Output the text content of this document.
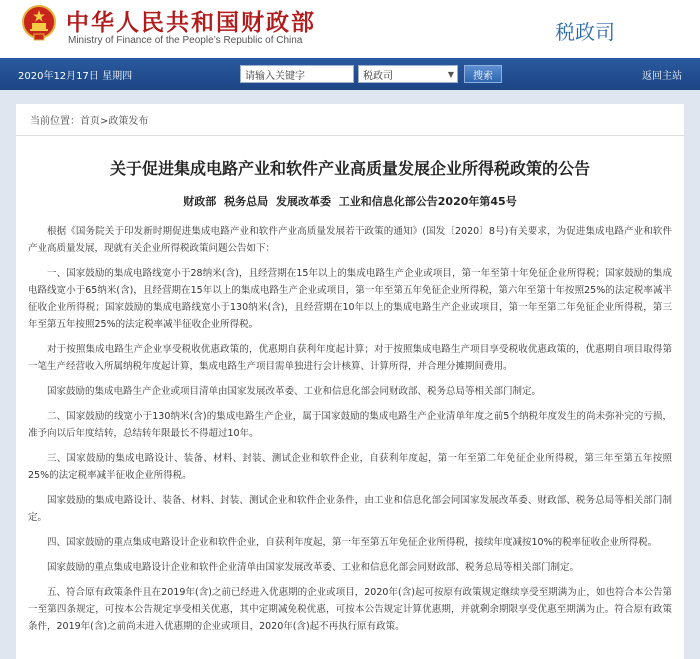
中华人民共和国财政部
Ministry of Finance of the People’s Republic of China	税政司
2020年12月17日 星期四
请输入关键字	税政司	▼	搜索	返回主站
当前位置：首页>政策发布
关于促进集成电路产业和软件产业高质量发展企业所得税政策的公告
财政部 税务总局 发展改革委 工业和信息化部公告2020年第45号

根据《国务院关于印发新时期促进集成电路产业和软件产业高质量发展若干政策的通知》(国发〔2020〕8号)有关要求，为促进集成电路产业和软件产业高质量发展，现就有关企业所得税政策问题公告如下：

一、国家鼓励的集成电路线宽小于28纳米(含)，且经营期在15年以上的集成电路生产企业或项目，第一年至第十年免征企业所得税；国家鼓励的集成电路线宽小于65纳米(含)，且经营期在15年以上的集成电路生产企业或项目，第一年至第五年免征企业所得税，第六年至第十年按照25%的法定税率减半征收企业所得税；国家鼓励的集成电路线宽小于130纳米(含)，且经营期在10年以上的集成电路生产企业或项目，第一年至第二年免征企业所得税，第三年至第五年按照25%的法定税率减半征收企业所得税。

对于按照集成电路生产企业享受税收优惠政策的，优惠期自获利年度起计算；对于按照集成电路生产项目享受税收优惠政策的，优惠期自项目取得第一笔生产经营收入所属纳税年度起计算，集成电路生产项目需单独进行会计核算、计算所得，并合理分摊期间费用。

国家鼓励的集成电路生产企业或项目清单由国家发展改革委、工业和信息化部会同财政部、税务总局等相关部门制定。

二、国家鼓励的线宽小于130纳米(含)的集成电路生产企业，属于国家鼓励的集成电路生产企业清单年度之前5个纳税年度发生的尚未弥补完的亏损，准予向以后年度结转，总结转年限最长不得超过10年。

三、国家鼓励的集成电路设计、装备、材料、封装、测试企业和软件企业，自获利年度起，第一年至第二年免征企业所得税，第三年至第五年按照25%的法定税率减半征收企业所得税。

国家鼓励的集成电路设计、装备、材料、封装、测试企业和软件企业条件，由工业和信息化部会同国家发展改革委、财政部、税务总局等相关部门制定。

四、国家鼓励的重点集成电路设计企业和软件企业，自获利年度起，第一年至第五年免征企业所得税，接续年度减按10%的税率征收企业所得税。

国家鼓励的重点集成电路设计企业和软件企业清单由国家发展改革委、工业和信息化部会同财政部、税务总局等相关部门制定。

五、符合原有政策条件且在2019年(含)之前已经进入优惠期的企业或项目，2020年(含)起可按原有政策规定继续享受至期满为止，如也符合本公告第一至第四条规定，可按本公告规定享受相关优惠，其中定期减免税优惠，可按本公告规定计算优惠期，并就剩余期限享受优惠至期满为止。符合原有政策条件，2019年(含)之前尚未进入优惠期的企业或项目，2020年(含)起不再执行原有政策。
